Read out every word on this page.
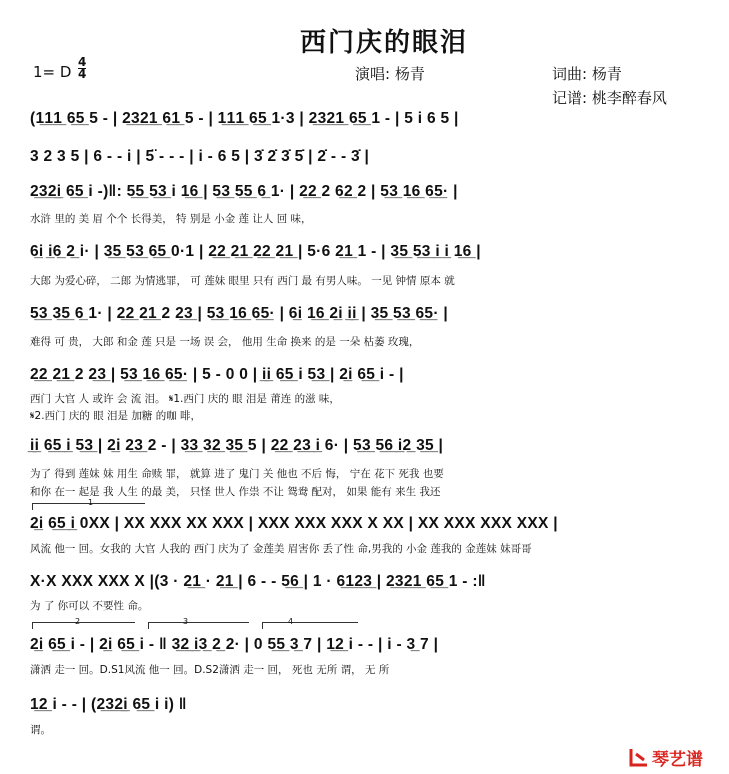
西门庆的眼泪
1= D
4
4	演唱: 杨青	词曲: 杨青
记谱: 桃李醉春风
(1̲1̲1̲ 6̲5̲ 5 - | 2̲3̲2̲1̲ 6̲1̲ 5 - | 1̲1̲1̲ 6̲5̲ 1·3 | 2̲3̲2̲1̲ 6̲5̲ 1 - | 5 i 6 5 |
3 2 3 5 | 6 - - i | 5̈ - - - | i - 6 5 | 3̇ 2̇ 3̇ 5̇ | 2̇ - - 3̇ |
2̲3̲2̲i̲ 6̲5̲ i -)‖: 5̲5̲ 5̲3̲ i 1̲6̲ | 5̲3̲ 5̲5̲ 6̲ 1· | 2̲2̲ 2 6̲2̲ 2 | 5̲3̲ 1̲6̲ 6̲5̲· |
水浒 里的 美 眉 个个 长得美， 特 别是 小金 莲 让人 回 味，
6̲i i̲6̲ 2̲ i· | 3̲5̲ 5̲3̲ 6̲5̲ 0·1 | 2̲2̲ 2̲1̲ 2̲2̲ 2̲1̲ | 5·6 2̲1̲ 1 - | 3̲5̲ 5̲3̲ i̲ i̲ 1̲6̲ |
大郎 为爱心碎， 二郎 为情逃罪， 可 莲妹 眼里 只有 西门 最 有男人味。 一见 钟情 原本 就
5̲3̲ 3̲5̲ 6̲ 1· | 2̲2̲ 2̲1̲ 2 2̲3̲ | 5̲3̲ 1̲6̲ 6̲5̲· | 6̲i 1̲6̲ 2̲i i̲i̲ | 3̲5̲ 5̲3̲ 6̲5̲· |
难得 可 贵， 大郎 和金 莲 只是 一场 误 会， 他用 生命 换来 的是 一朵 枯萎 玫瑰，
2̲2̲ 2̲1̲ 2 2̲3̲ | 5̲3̲ 1̲6̲ 6̲5̲· | 5 - 0 0 | i̲i̲ 6̲5̲ i 5̲3̲ | 2̲i 6̲5̲ i - |
西门 大官 人 或许 会 流 泪。 𝄋1.西门 庆的 眼 泪是 莆连 的滋 味，
𝄋2.西门 庆的 眼 泪是 加糖 的咖 啡，
i̲i̲ 6̲5̲ i̲ 5̲3̲ | 2̲i 2̲3̲ 2 - | 3̲3̲ 3̲2̲ 3̲5̲ 5 | 2̲2̲ 2̲3̲ i̲ 6· | 5̲3̲ 5̲6̲ i̲2̲ 3̲5̲ |
为了 得到 莲妹 妹 用生 命赎 罪， 就算 进了 鬼门 关 他也 不后 悔， 宁在 花下 死我 也要
和你 在一 起是 我 人生 的最 美， 只怪 世人 作祟 不让 鸳鸯 配对， 如果 能有 来生 我还
1
2̲i 6̲5̲ i̲ 0XX | XX XXX XX XXX | XXX XXX XXX X XX | XX XXX XXX XXX |
风流 他一 回。女我的 大官 人我的 西门 庆为了 金莲美 眉害你 丢了性 命,男我的 小金 莲我的 金莲妹 妹哥哥
X·X XXX XXX X |(3 · 2̲1̲ · 2̲1̲ | 6 - - 5̲6̲ | 1 · 6̲1̲2̲3̲ | 2̲3̲2̲1̲ 6̲5̲ 1 - :‖
为 了 你可以 不要性 命。
2	3	4
2̲i 6̲5̲ i - | 2̲i 6̲5̲ i - ‖ 3̲2̲ i̲3̲ 2̲ 2· | 0 5̲5̲ 3̲ 7 | 1̲2̲ i - - | i - 3̲ 7 |
潇洒 走一 回。D.S1风流 他一 回。D.S2潇洒 走一 回， 死也 无所 谓， 无 所
1̲2̲ i - - | (2̲3̲2̲i̲ 6̲5̲ i i) ‖
谓。
琴艺谱
